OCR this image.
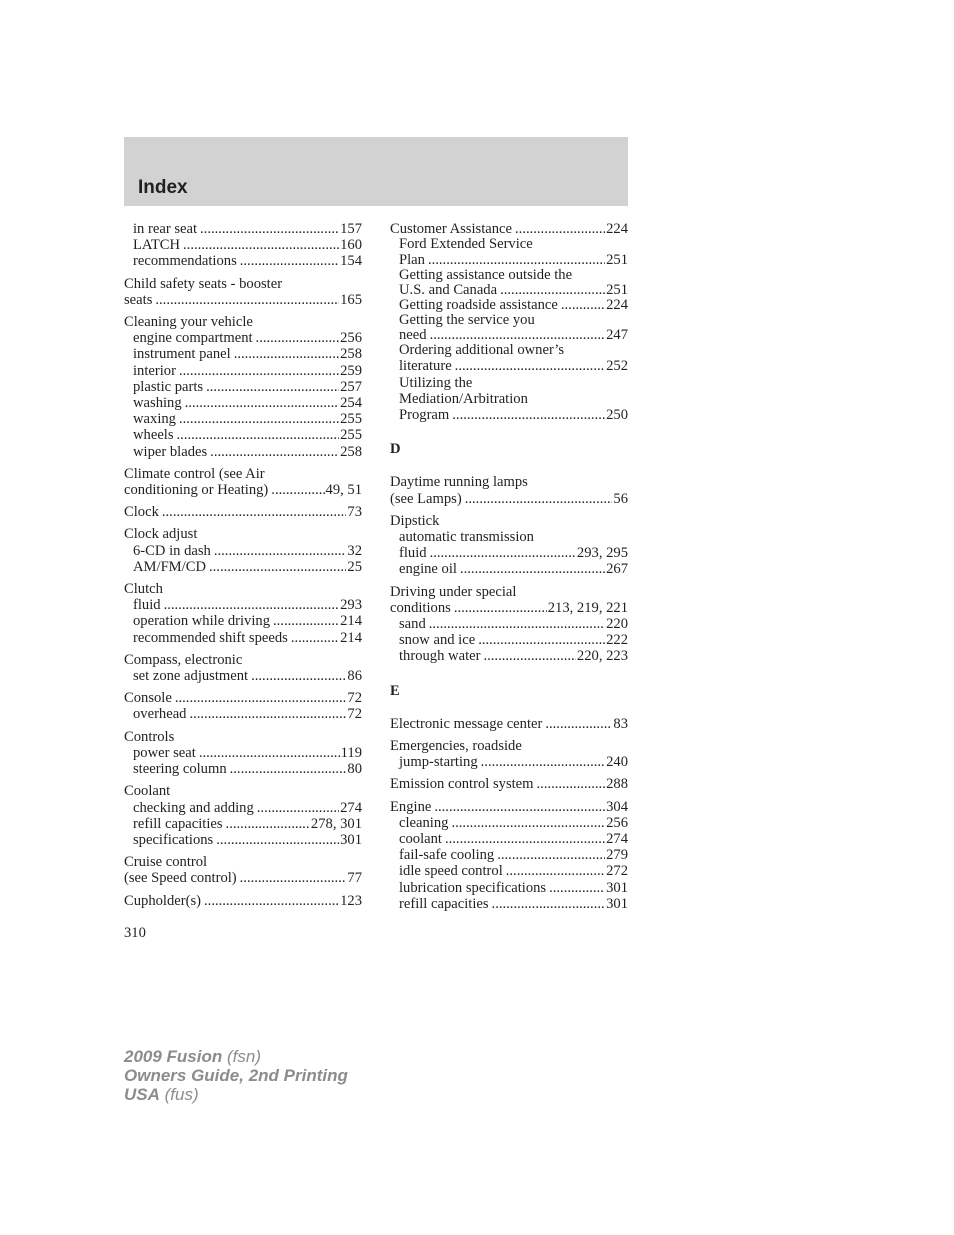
Index
in rear seat .....	157
LATCH .....	160
recommendations .....	154
Child safety seats - booster
seats .....	165
Cleaning your vehicle
engine compartment .....	256
instrument panel .....	258
interior .....	259
plastic parts .....	257
washing .....	254
waxing .....	255
wheels .....	255
wiper blades .....	258
Climate control (see Air
conditioning or Heating) .....	49, 51
Clock .....	73
Clock adjust
6-CD in dash .....	32
AM/FM/CD .....	25
Clutch
fluid .....	293
operation while driving .....	214
recommended shift speeds .....	214
Compass, electronic
set zone adjustment .....	86
Console .....	72
overhead .....	72
Controls
power seat .....	119
steering column .....	80
Coolant
checking and adding .....	274
refill capacities .....	278, 301
specifications .....	301
Cruise control
(see Speed control) .....	77
Cupholder(s) .....	123
Customer Assistance .....	224
Ford Extended Service
Plan .....	251
Getting assistance outside the
U.S. and Canada .....	251
Getting roadside assistance .....	224
Getting the service you
need .....	247
Ordering additional owner’s
literature .....	252
Utilizing the
Mediation/Arbitration
Program .....	250
D
Daytime running lamps
(see Lamps) .....	56
Dipstick
automatic transmission
fluid .....	293, 295
engine oil .....	267
Driving under special
conditions .....	213, 219, 221
sand .....	220
snow and ice .....	222
through water .....	220, 223
E
Electronic message center .....	83
Emergencies, roadside
jump-starting .....	240
Emission control system .....	288
Engine .....	304
cleaning .....	256
coolant .....	274
fail-safe cooling .....	279
idle speed control .....	272
lubrication specifications .....	301
refill capacities .....	301
310
2009 Fusion (fsn)
Owners Guide, 2nd Printing
USA (fus)
